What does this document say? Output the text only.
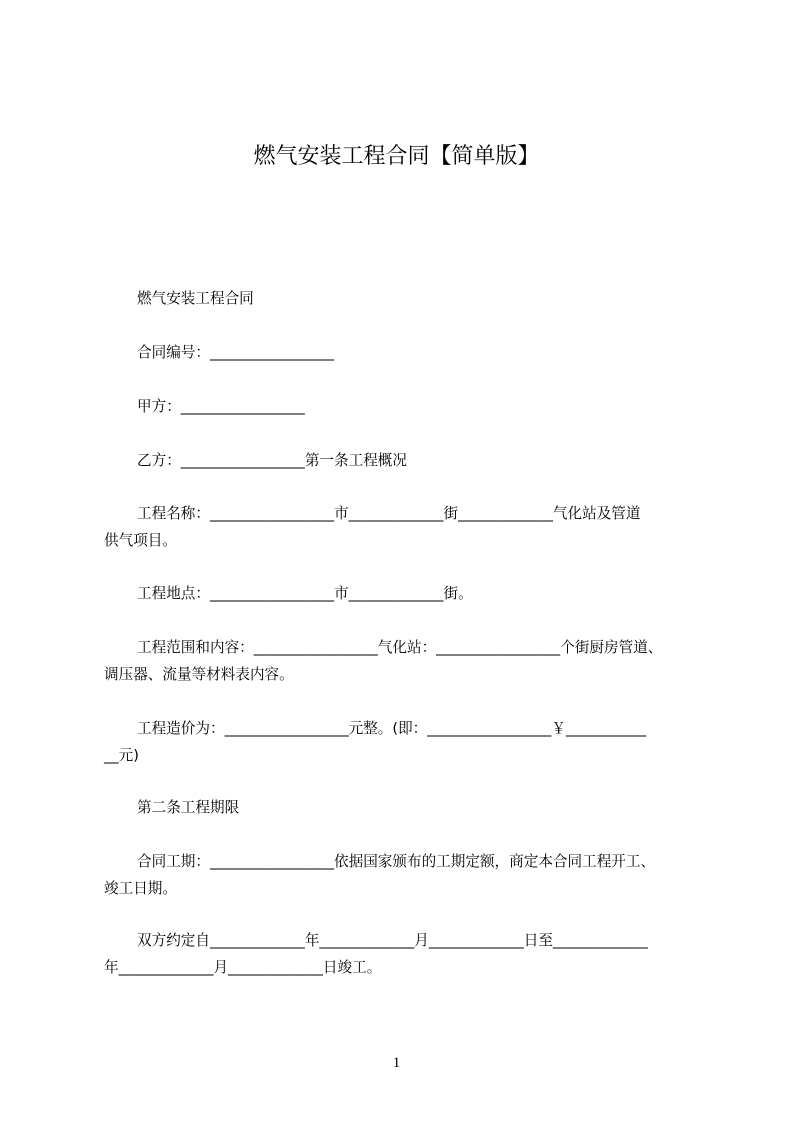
燃气安装工程合同【简单版】
燃气安装工程合同
合同编号：_________________
甲方：_________________
乙方：_________________第一条工程概况
工程名称：_________________市_____________街_____________气化站及管道
供气项目。
工程地点：_________________市_____________街。
工程范围和内容：_________________气化站：_________________个街厨房管道、
调压器、流量等材料表内容。
工程造价为：_________________元整。(即：_________________￥___________
__元)
第二条工程期限
合同工期：_________________依据国家颁布的工期定额，商定本合同工程开工、
竣工日期。
双方约定自_____________年_____________月_____________日至_____________
年_____________月_____________日竣工。
1
